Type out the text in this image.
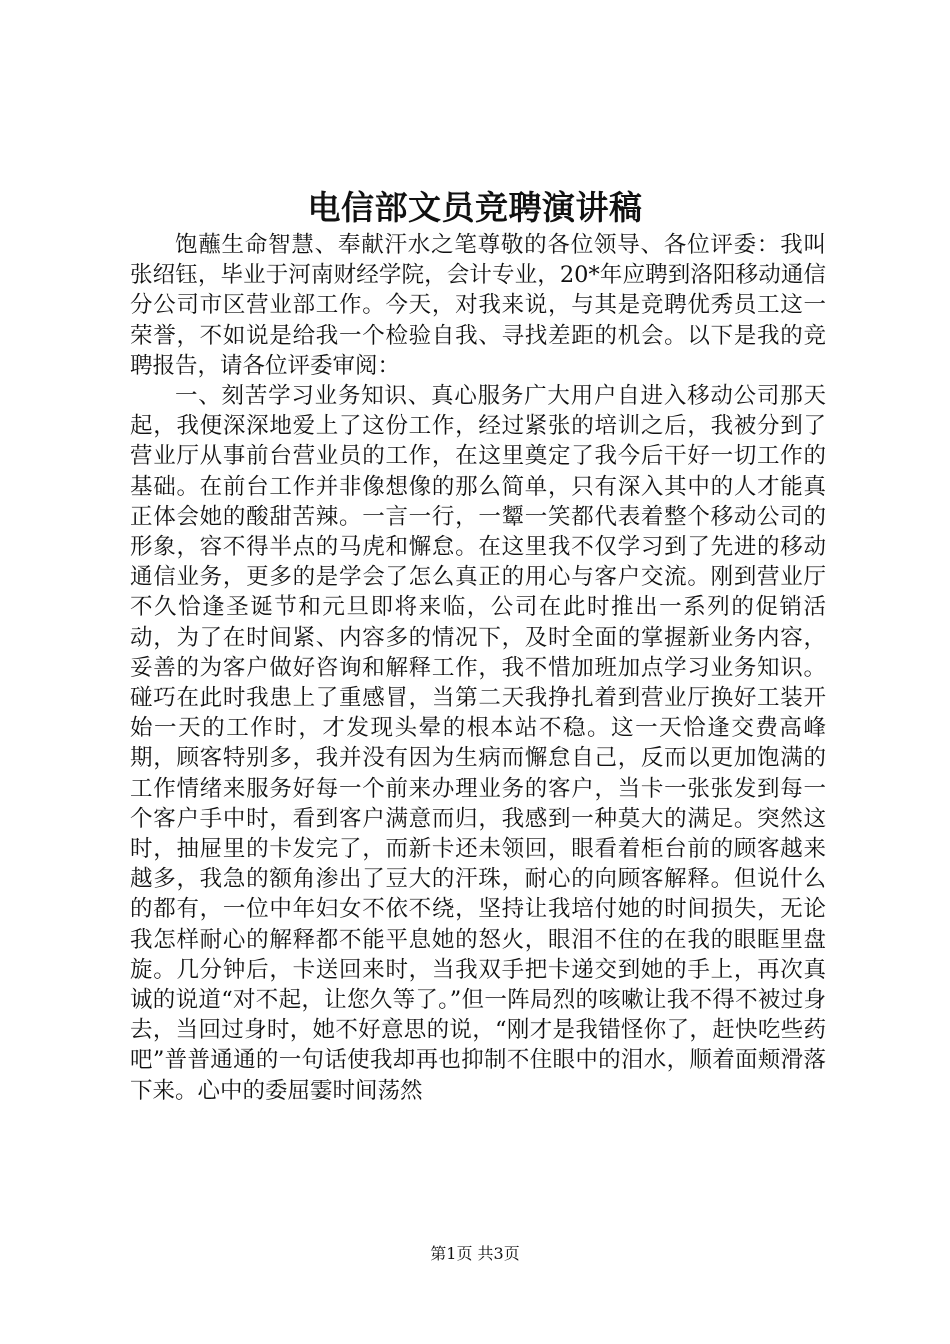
电信部文员竞聘演讲稿

饱蘸生命智慧、奉献汗水之笔尊敬的各位领导、各位评委：我叫张绍钰，毕业于河南财经学院，会计专业，20*年应聘到洛阳移动通信分公司市区营业部工作。今天，对我来说，与其是竞聘优秀员工这一荣誉，不如说是给我一个检验自我、寻找差距的机会。以下是我的竞聘报告，请各位评委审阅：

一、刻苦学习业务知识、真心服务广大用户自进入移动公司那天起，我便深深地爱上了这份工作，经过紧张的培训之后，我被分到了营业厅从事前台营业员的工作，在这里奠定了我今后干好一切工作的基础。在前台工作并非像想像的那么简单，只有深入其中的人才能真正体会她的酸甜苦辣。一言一行，一颦一笑都代表着整个移动公司的形象，容不得半点的马虎和懈怠。在这里我不仅学习到了先进的移动通信业务，更多的是学会了怎么真正的用心与客户交流。刚到营业厅不久恰逢圣诞节和元旦即将来临，公司在此时推出一系列的促销活动，为了在时间紧、内容多的情况下，及时全面的掌握新业务内容，妥善的为客户做好咨询和解释工作，我不惜加班加点学习业务知识。碰巧在此时我患上了重感冒，当第二天我挣扎着到营业厅换好工装开始一天的工作时，才发现头晕的根本站不稳。这一天恰逢交费高峰期，顾客特别多，我并没有因为生病而懈怠自己，反而以更加饱满的工作情绪来服务好每一个前来办理业务的客户，当卡一张张发到每一个客户手中时，看到客户满意而归，我感到一种莫大的满足。突然这时，抽屉里的卡发完了，而新卡还未领回，眼看着柜台前的顾客越来越多，我急的额角渗出了豆大的汗珠，耐心的向顾客解释。但说什么的都有，一位中年妇女不依不绕，坚持让我培付她的时间损失，无论我怎样耐心的解释都不能平息她的怒火，眼泪不住的在我的眼眶里盘旋。几分钟后，卡送回来时，当我双手把卡递交到她的手上，再次真诚的说道“对不起，让您久等了。”但一阵局烈的咳嗽让我不得不被过身去，当回过身时，她不好意思的说，“刚才是我错怪你了，赶快吃些药吧”普普通通的一句话使我却再也抑制不住眼中的泪水，顺着面颊滑落下来。心中的委屈霎时间荡然

第1页 共3页
